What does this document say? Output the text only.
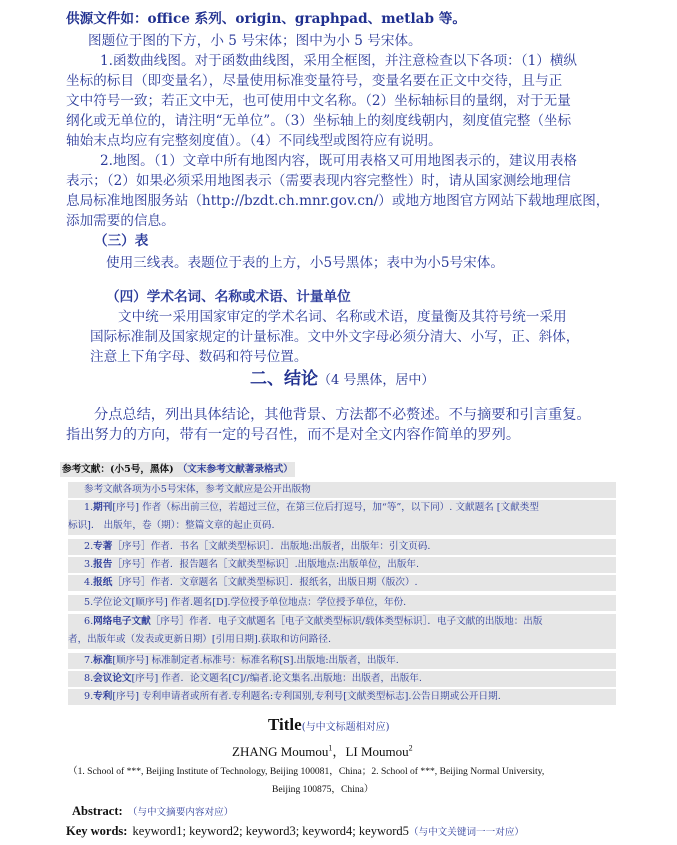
供源文件如：office 系列、origin、graphpad、metlab 等。
图题位于图的下方，小 5 号宋体；图中为小 5 号宋体。
1.函数曲线图。对于函数曲线图，采用全框图，并注意检查以下各项：（1）横纵
坐标的标目（即变量名），尽量使用标准变量符号，变量名要在正文中交待，且与正
文中符号一致；若正文中无，也可使用中文名称。（2）坐标轴标目的量纲，对于无量
纲化或无单位的，请注明“无单位”。（3）坐标轴上的刻度线朝内，刻度值完整（坐标
轴始末点均应有完整刻度值）。（4）不同线型或图符应有说明。
2.地图。（1）文章中所有地图内容，既可用表格又可用地图表示的，建议用表格
表示；（2）如果必须采用地图表示（需要表现内容完整性）时，请从国家测绘地理信
息局标准地图服务站（http://bzdt.ch.mnr.gov.cn/）或地方地图官方网站下载地理底图，
添加需要的信息。
（三）表
使用三线表。表题位于表的上方，小5号黑体；表中为小5号宋体。
（四）学术名词、名称或术语、计量单位
文中统一采用国家审定的学术名词、名称或术语，度量衡及其符号统一采用
国际标准制及国家规定的计量标准。文中外文字母必须分清大、小写，正、斜体，
注意上下角字母、数码和符号位置。
二、结论（4 号黑体，居中）
分点总结，列出具体结论，其他背景、方法都不必赘述。不与摘要和引言重复。
指出努力的方向，带有一定的号召性，而不是对全文内容作简单的罗列。
参考文献：(小5号，黑体) （文末参考文献著录格式）
参考文献各项为小5号宋体，参考文献应是公开出版物
1.期刊[序号] 作者（标出前三位，若超过三位，在第三位后打逗号，加“等”，以下同）. 文献题名 [文献类型
标识]． 出版年，卷（期）：整篇文章的起止页码.
2.专著［序号］作者．书名［文献类型标识］．出版地:出版者，出版年：引文页码.
3.报告［序号］作者．报告题名［文献类型标识］.出版地点:出版单位，出版年.
4.报纸［序号］作者．文章题名［文献类型标识］．报纸名，出版日期（版次）.
5.学位论文[顺序号] 作者.题名[D].学位授予单位地点：学位授予单位，年份.
6.网络电子文献［序号］作者．电子文献题名［电子文献类型标识/载体类型标识］．电子文献的出版地：出版
者，出版年或（发表或更新日期）[引用日期].获取和访问路径.
7.标准[顺序号] 标准制定者.标准号：标准名称[S].出版地:出版者，出版年.
8.会议论文[序号] 作者．论文题名[C]//编者.论文集名.出版地：出版者，出版年.
9.专利[序号] 专利申请者或所有者.专利题名:专利国别,专利号[文献类型标志].公告日期或公开日期.
Title(与中文标题相对应)
ZHANG Moumou$^1$，LI Moumou$^2$
（1. School of ***, Beijing Institute of Technology, Beijing 100081，China；2. School of ***, Beijing Normal University,
Beijing 100875，China）
Abstract: （与中文摘要内容对应）
Key words: keyword1; keyword2; keyword3; keyword4; keyword5（与中文关键词一一对应）
